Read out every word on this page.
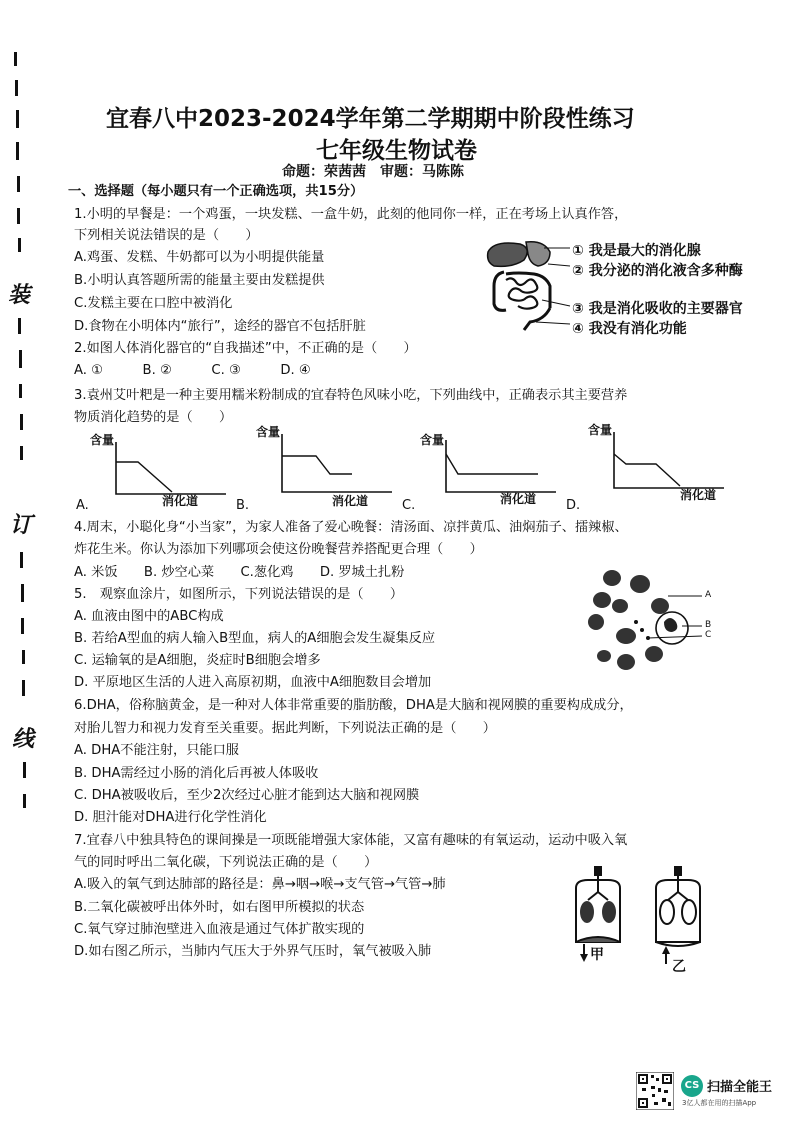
装
订
线
宜春八中2023-2024学年第二学期期中阶段性练习
七年级生物试卷
命题：荣茜茜　审题：马陈陈
一、选择题（每小题只有一个正确选项，共15分）
1.小明的早餐是：一个鸡蛋，一块发糕、一盒牛奶，此刻的他同你一样，正在考场上认真作答，
下列相关说法错误的是（　　）
A.鸡蛋、发糕、牛奶都可以为小明提供能量
B.小明认真答题所需的能量主要由发糕提供
C.发糕主要在口腔中被消化
D.食物在小明体内“旅行”，途经的器官不包括肝脏
① 我是最大的消化腺
② 我分泌的消化液含多种酶
③ 我是消化吸收的主要器官
④ 我没有消化功能
2.如图人体消化器官的“自我描述”中，不正确的是（　　）
A. ①　　　B. ②　　　C. ③　　　D. ④
3.袁州艾叶粑是一种主要用糯米粉制成的宜春特色风味小吃，下列曲线中，正确表示其主要营养
物质消化趋势的是（　　）
含量
消化道
A.
含量
消化道
B.
含量
消化道
C.
含量
消化道
D.
4.周末，小聪化身“小当家”，为家人准备了爱心晚餐：清汤面、凉拌黄瓜、油焖茄子、擂辣椒、
炸花生米。你认为添加下列哪项会使这份晚餐营养搭配更合理（　　）
A. 米饭　　B. 炒空心菜　　C.葱化鸡　　D. 罗城土扎粉
5.　观察血涂片，如图所示，下列说法错误的是（　　）
A. 血液由图中的ABC构成
B. 若给A型血的病人输入B型血，病人的A细胞会发生凝集反应
C. 运输氧的是A细胞，炎症时B细胞会增多
D. 平原地区生活的人进入高原初期，血液中A细胞数目会增加
A
B
C
6.DHA，俗称脑黄金，是一种对人体非常重要的脂肪酸，DHA是大脑和视网膜的重要构成成分，
对胎儿智力和视力发育至关重要。据此判断，下列说法正确的是（　　）
A. DHA不能注射，只能口服
B. DHA需经过小肠的消化后再被人体吸收
C. DHA被吸收后，至少2次经过心脏才能到达大脑和视网膜
D. 胆汁能对DHA进行化学性消化
7.宜春八中独具特色的课间操是一项既能增强大家体能，又富有趣味的有氧运动，运动中吸入氧
气的同时呼出二氧化碳，下列说法正确的是（　　）
A.吸入的氧气到达肺部的路径是：鼻→咽→喉→支气管→气管→肺
B.二氧化碳被呼出体外时，如右图甲所模拟的状态
C.氧气穿过肺泡壁进入血液是通过气体扩散实现的
D.如右图乙所示，当肺内气压大于外界气压时，氧气被吸入肺	甲
乙
CS 扫描全能王
3亿人都在用的扫描App
